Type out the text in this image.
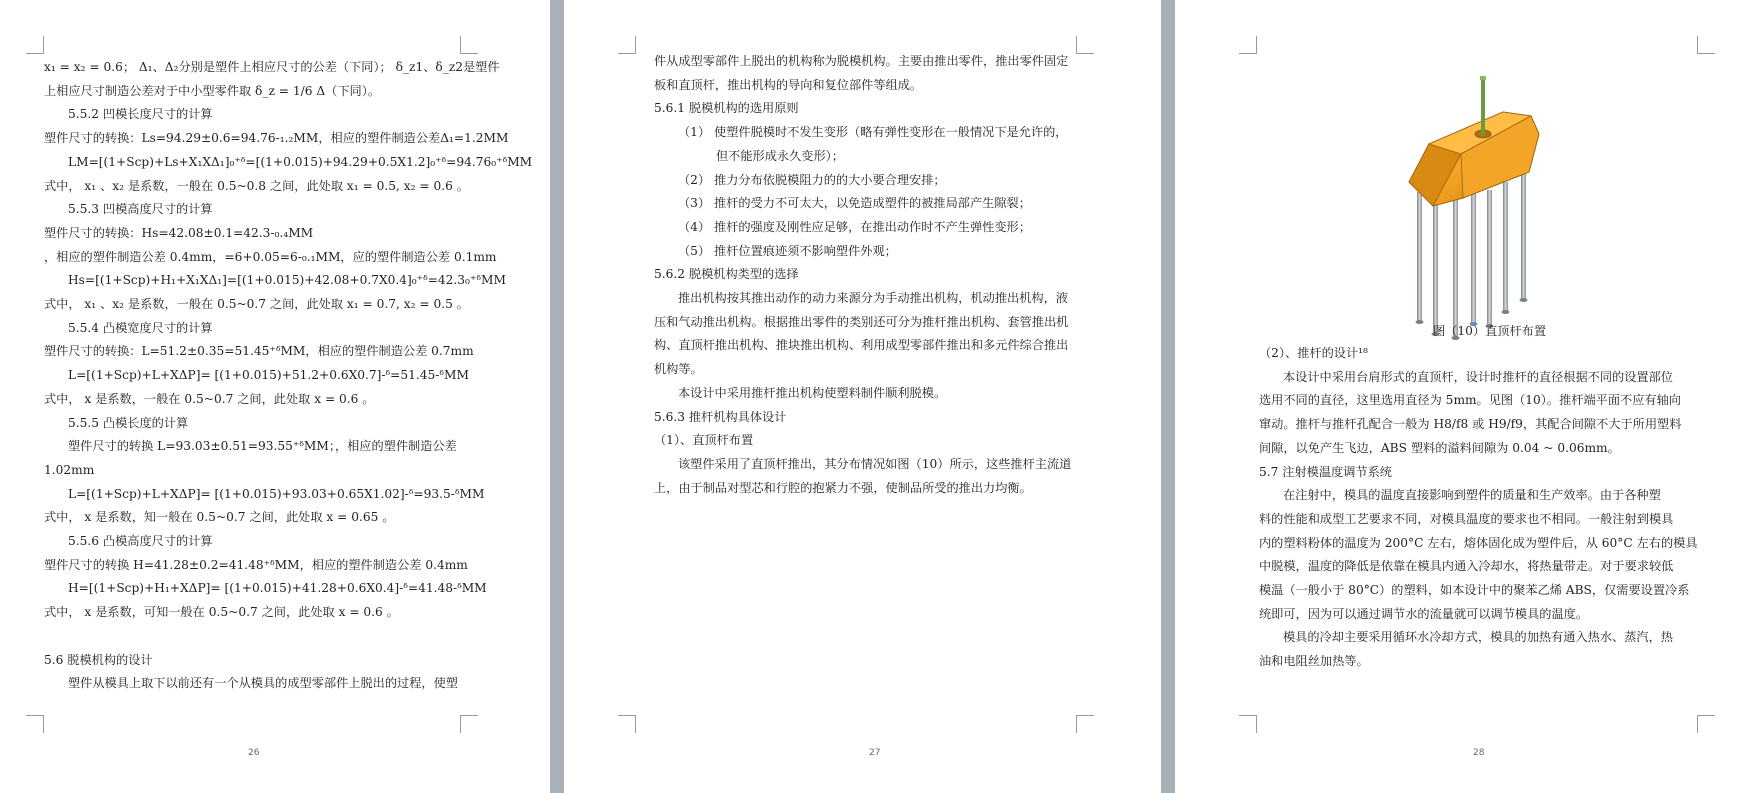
x₁ = x₂ = 0.6； Δ₁、Δ₂分别是塑件上相应尺寸的公差（下同）； δ_z1、δ_z2是塑件

上相应尺寸制造公差对于中小型零件取 δ_z = 1/6 Δ（下同）。

5.5.2 凹模长度尺寸的计算

塑件尺寸的转换：Ls=94.29±0.6=94.76-₁.₂MM，相应的塑件制造公差Δ₁=1.2MM

LM=[(1+Scp)+Ls+X₁XΔ₁]₀⁺ᵟ=[(1+0.015)+94.29+0.5X1.2]₀⁺ᵟ=94.76₀⁺ᵟMM

式中， x₁ 、x₂ 是系数，一般在 0.5~0.8 之间，此处取 x₁ = 0.5, x₂ = 0.6 。

5.5.3 凹模高度尺寸的计算

塑件尺寸的转换：Hs=42.08±0.1=42.3-₀.₄MM

，相应的塑件制造公差 0.4mm，=6+0.05=6-₀.₁MM，应的塑件制造公差 0.1mm

Hs=[(1+Scp)+H₁+X₁XΔ₁]=[(1+0.015)+42.08+0.7X0.4]₀⁺ᵟ=42.3₀⁺ᵟMM

式中， x₁ 、x₂ 是系数，一般在 0.5~0.7 之间，此处取 x₁ = 0.7, x₂ = 0.5 。

5.5.4 凸模宽度尺寸的计算

塑件尺寸的转换：L=51.2±0.35=51.45⁺ᵟMM，相应的塑件制造公差 0.7mm

L=[(1+Scp)+L+XΔP]= [(1+0.015)+51.2+0.6X0.7]-ᵟ=51.45-ᵟMM

式中， x 是系数，一般在 0.5~0.7 之间，此处取 x = 0.6 。

5.5.5 凸模长度的计算

塑件尺寸的转换 L=93.03±0.51=93.55⁺ᵟMM；，相应的塑件制造公差

1.02mm

L=[(1+Scp)+L+XΔP]= [(1+0.015)+93.03+0.65X1.02]-ᵟ=93.5-ᵟMM

式中， x 是系数，知一般在 0.5~0.7 之间，此处取 x = 0.65 。

5.5.6 凸模高度尺寸的计算

塑件尺寸的转换 H=41.28±0.2=41.48⁺ᵟMM，相应的塑件制造公差 0.4mm

H=[(1+Scp)+H₁+XΔP]= [(1+0.015)+41.28+0.6X0.4]-ᵟ=41.48-ᵟMM

式中， x 是系数，可知一般在 0.5~0.7 之间，此处取 x = 0.6 。

5.6 脱模机构的设计

塑件从模具上取下以前还有一个从模具的成型零部件上脱出的过程，使塑

26

件从成型零部件上脱出的机构称为脱模机构。主要由推出零件，推出零件固定

板和直顶杆，推出机构的导向和复位部件等组成。

5.6.1 脱模机构的选用原则

（1） 使塑件脱模时不发生变形（略有弹性变形在一般情况下是允许的，

但不能形成永久变形）；

（2） 推力分布依脱模阻力的的大小要合理安排；

（3） 推杆的受力不可太大，以免造成塑件的被推局部产生隙裂；

（4） 推杆的强度及刚性应足够，在推出动作时不产生弹性变形；

（5） 推杆位置痕迹须不影响塑件外观；

5.6.2 脱模机构类型的选择

推出机构按其推出动作的动力来源分为手动推出机构，机动推出机构，液

压和气动推出机构。根据推出零件的类别还可分为推杆推出机构、套管推出机

构、直顶杆推出机构、推块推出机构、利用成型零部件推出和多元件综合推出

机构等。

本设计中采用推杆推出机构使塑料制件顺利脱模。

5.6.3 推杆机构具体设计

（1）、直顶杆布置

该塑件采用了直顶杆推出，其分布情况如图（10）所示，这些推杆主流道

上，由于制品对型芯和行腔的抱紧力不强，使制品所受的推出力均衡。

27
图（10）直顶杆布置

（2）、推杆的设计¹⁸

本设计中采用台肩形式的直顶杆，设计时推杆的直径根据不同的设置部位

选用不同的直径，这里选用直径为 5mm。见图（10）。推杆端平面不应有轴向

窜动。推杆与推杆孔配合一般为 H8/f8 或 H9/f9，其配合间隙不大于所用塑料

间隙，以免产生飞边，ABS 塑料的溢料间隙为 0.04 ~ 0.06mm。

5.7 注射模温度调节系统

在注射中，模具的温度直接影响到塑件的质量和生产效率。由于各种塑

料的性能和成型工艺要求不同，对模具温度的要求也不相同。一般注射到模具

内的塑料粉体的温度为 200°C 左右，熔体固化成为塑件后，从 60°C 左右的模具

中脱模，温度的降低是依靠在模具内通入冷却水，将热量带走。对于要求较低

模温（一般小于 80°C）的塑料，如本设计中的聚苯乙烯 ABS，仅需要设置冷系

统即可，因为可以通过调节水的流量就可以调节模具的温度。

模具的冷却主要采用循环水冷却方式，模具的加热有通入热水、蒸汽，热

油和电阻丝加热等。

28
